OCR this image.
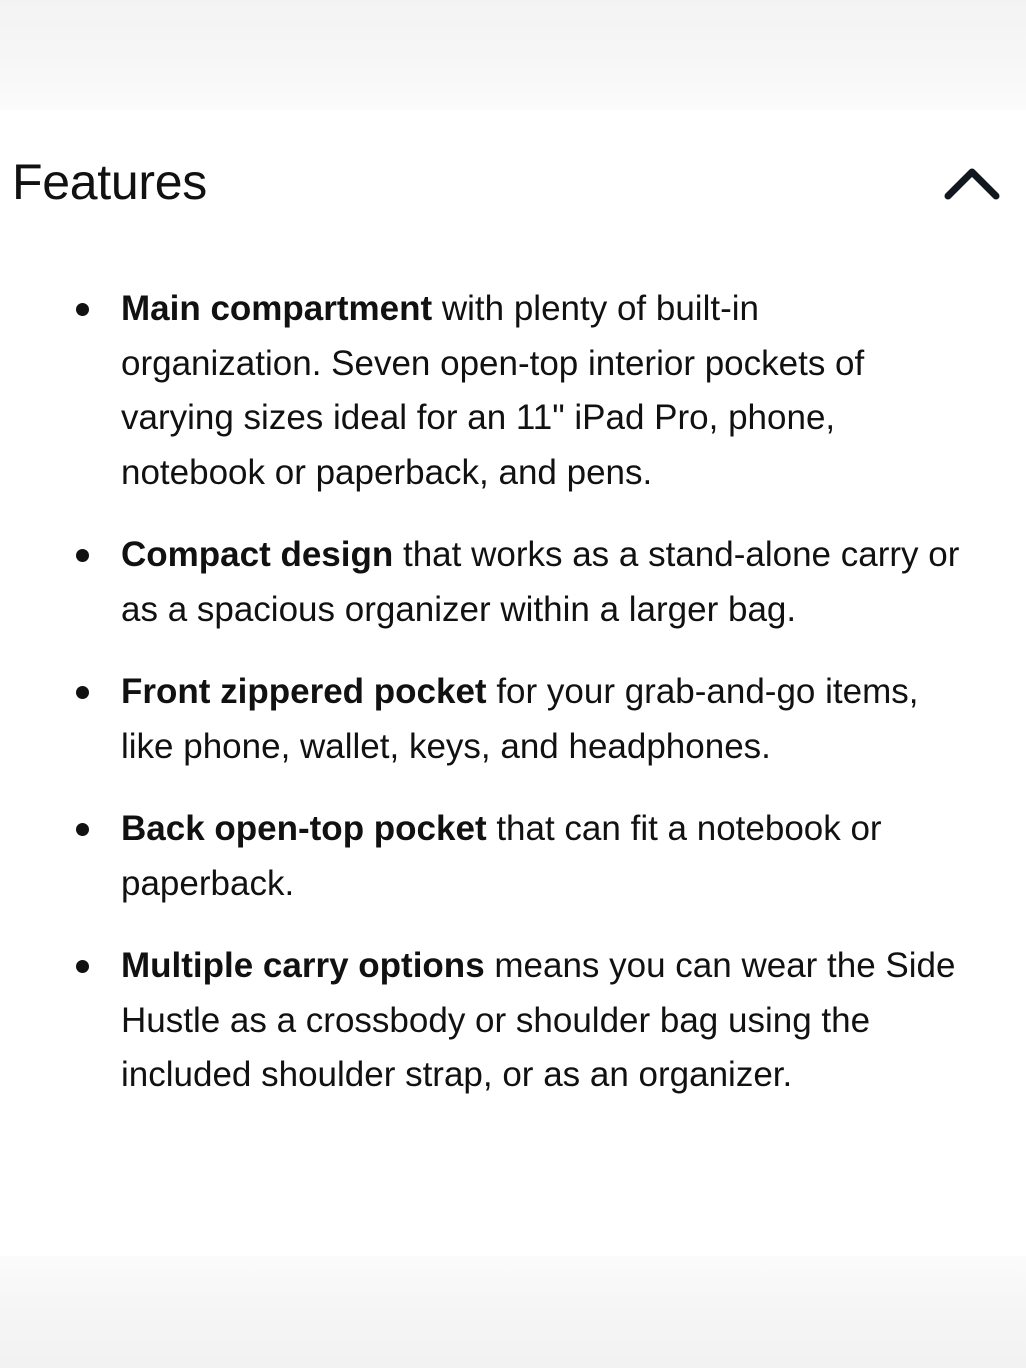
Features
Main compartment with plenty of built-in organization. Seven open-top interior pockets of varying sizes ideal for an 11" iPad Pro, phone, notebook or paperback, and pens.
Compact design that works as a stand-alone carry or as a spacious organizer within a larger bag.
Front zippered pocket for your grab-and-go items, like phone, wallet, keys, and headphones.
Back open-top pocket that can fit a notebook or paperback.
Multiple carry options means you can wear the Side Hustle as a crossbody or shoulder bag using the included shoulder strap, or as an organizer.
